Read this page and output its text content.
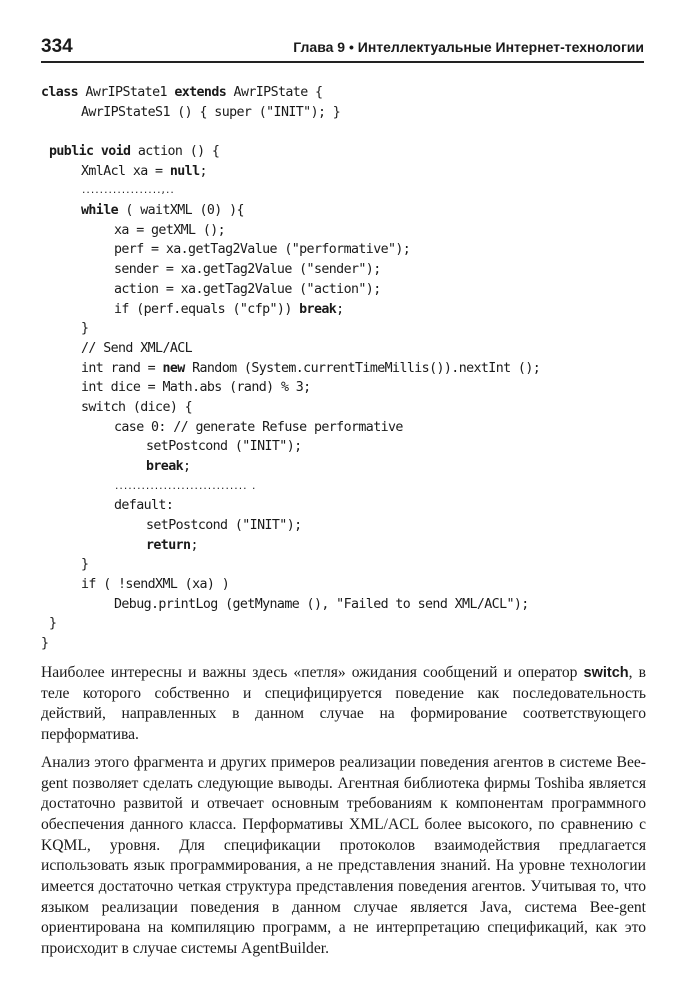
334	Глава 9 • Интеллектуальные Интернет-технологии
class AwrIPState1 extends AwrIPState {
AwrIPStateS1 () { super ("INIT"); }
public void action () {
XmlAcl xa = null;
..................,..
while ( waitXML (0) ){
xa = getXML ();
perf = xa.getTag2Value ("performative");
sender = xa.getTag2Value ("sender");
action = xa.getTag2Value ("action");
if (perf.equals ("cfp")) break;
}
// Send XML/ACL
int rand = new Random (System.currentTimeMillis()).nextInt ();
int dice = Math.abs (rand) % 3;
switch (dice) {
case 0: // generate Refuse performative
setPostcond ("INIT");
break;
.............................. .
default:
setPostcond ("INIT");
return;
}
if ( !sendXML (xa) )
Debug.printLog (getMyname (), "Failed to send XML/ACL");
}
}

Наиболее интересны и важны здесь «петля» ожидания сообщений и оператор switch, в теле которого собственно и специфицируется поведение как последовательность действий, направленных в данном случае на формирование соответствующего перформатива.

Анализ этого фрагмента и других примеров реализации поведения агентов в системе Bee-gent позволяет сделать следующие выводы. Агентная библиотека фирмы Toshiba является достаточно развитой и отвечает основным требованиям к компонентам программного обеспечения данного класса. Перформативы XML/ACL более высокого, по сравнению с KQML, уровня. Для спецификации протоколов взаимодействия предлагается использовать язык программирования, а не представления знаний. На уровне технологии имеется достаточно четкая структура представления поведения агентов. Учитывая то, что языком реализации поведения в данном случае является Java, система Bee-gent ориентирована на компиляцию программ, а не интерпретацию спецификаций, как это происходит в случае системы AgentBuilder.
